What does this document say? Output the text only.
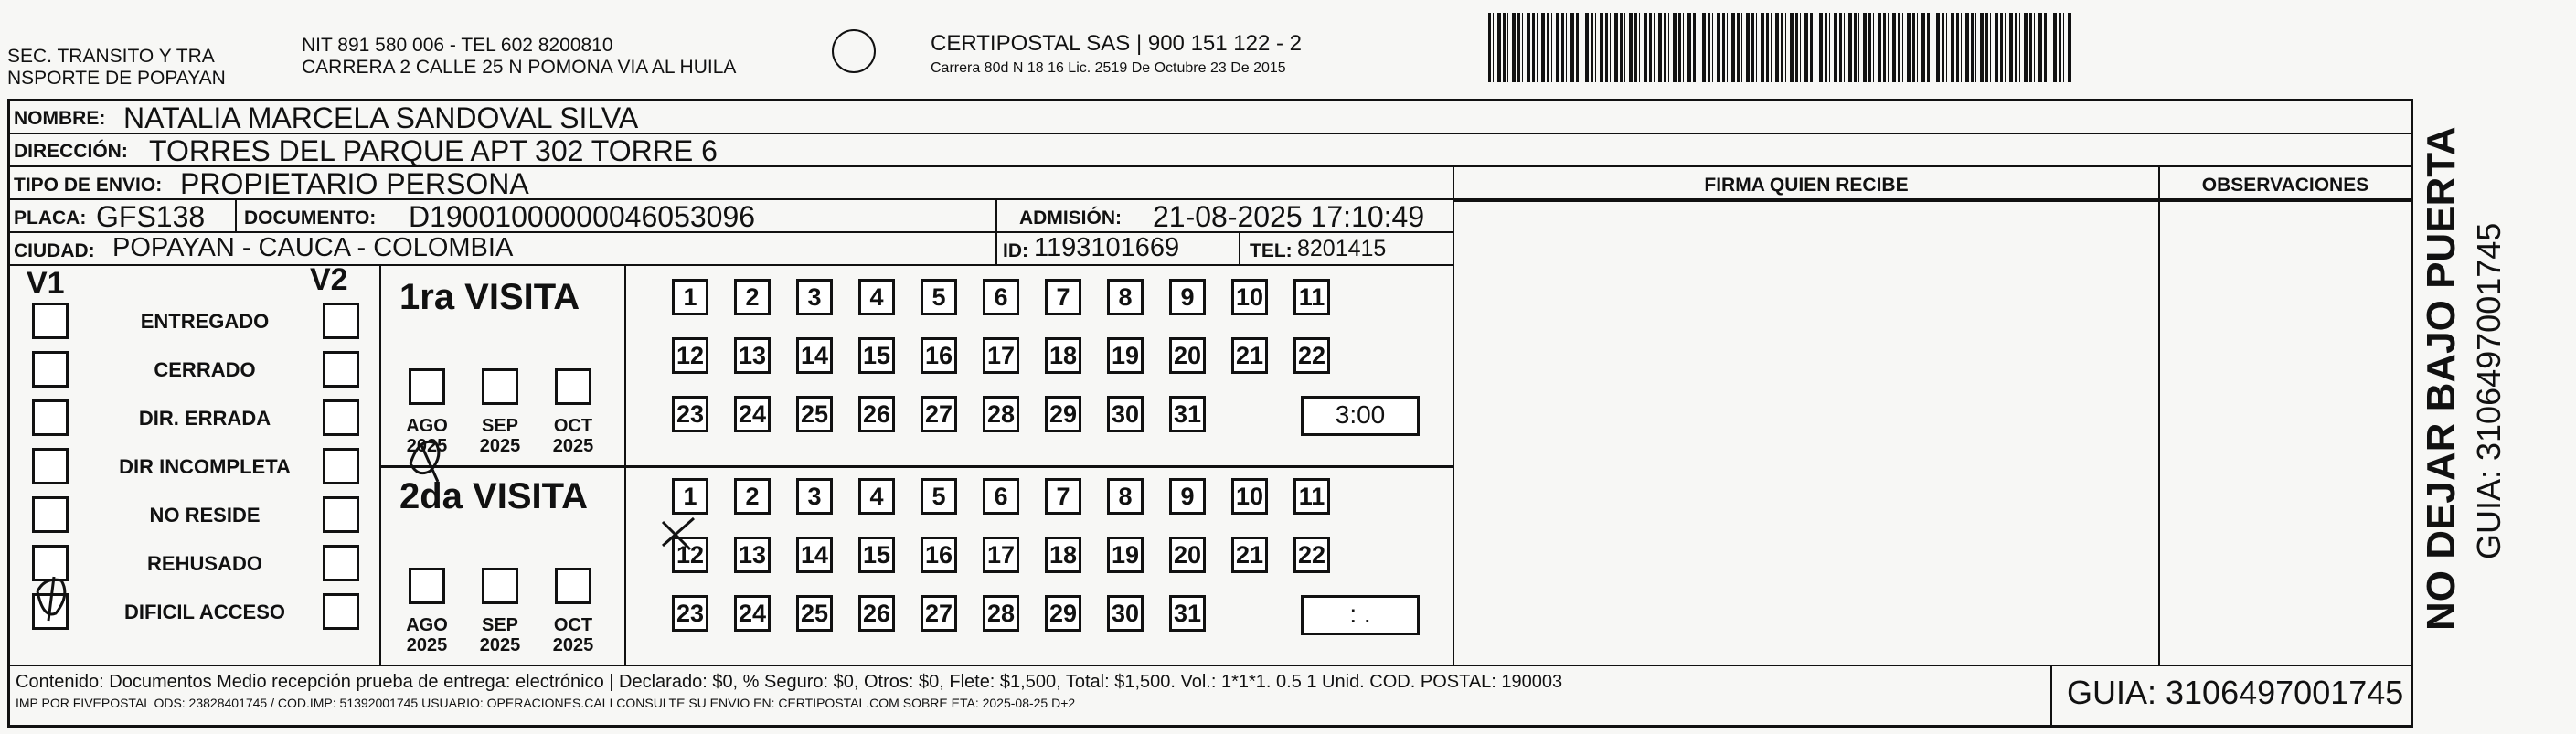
SEC. TRANSITO Y TRA
NSPORTE DE POPAYAN
NIT 891 580 006 - TEL 602 8200810
CARRERA 2 CALLE 25 N POMONA VIA AL HUILA
CERTIPOSTAL SAS | 900 151 122 - 2
Carrera 80d N 18 16 Lic. 2519 De Octubre 23 De 2015
NOMBRE: NATALIA MARCELA SANDOVAL SILVA
DIRECCIÓN: TORRES DEL PARQUE APT 302 TORRE 6
TIPO DE ENVIO: PROPIETARIO PERSONA	FIRMA QUIEN RECIBE	OBSERVACIONES
PLACA: GFS138 DOCUMENTO: D19001000000046053096	ADMISIÓN: 21-08-2025 17:10:49
CIUDAD: POPAYAN - CAUCA - COLOMBIA	ID: 1193101669	TEL: 8201415
V1	V2
ENTREGADO
CERRADO
DIR. ERRADA
DIR INCOMPLETA
NO RESIDE
REHUSADO
DIFICIL ACCESO
1ra VISITA
2da VISITA
AGO
2025
SEP
2025
OCT
2025
AGO
2025
SEP
2025
OCT
2025
1	2	3	4	5	6	7	8	9	10 11
12 13 14 15 16 17 18 19 20 21 22
23 24 25 26 27 28 29 30 31	3:00
1	2	3	4	5	6	7	8	9	10 11
12 13 14 15 16 17 18 19 20 21 22
23 24 25 26 27 28 29 30 31	: .
Contenido: Documentos Medio recepción prueba de entrega: electrónico | Declarado: $0, % Seguro: $0, Otros: $0, Flete: $1,500, Total: $1,500. Vol.: 1*1*1. 0.5 1 Unid. COD. POSTAL: 190003
IMP POR FIVEPOSTAL ODS: 23828401745 / COD.IMP: 51392001745 USUARIO: OPERACIONES.CALI CONSULTE SU ENVIO EN: CERTIPOSTAL.COM SOBRE ETA: 2025-08-25 D+2	GUIA: 3106497001745
NO DEJAR BAJO PUERTA GUIA: 3106497001745
